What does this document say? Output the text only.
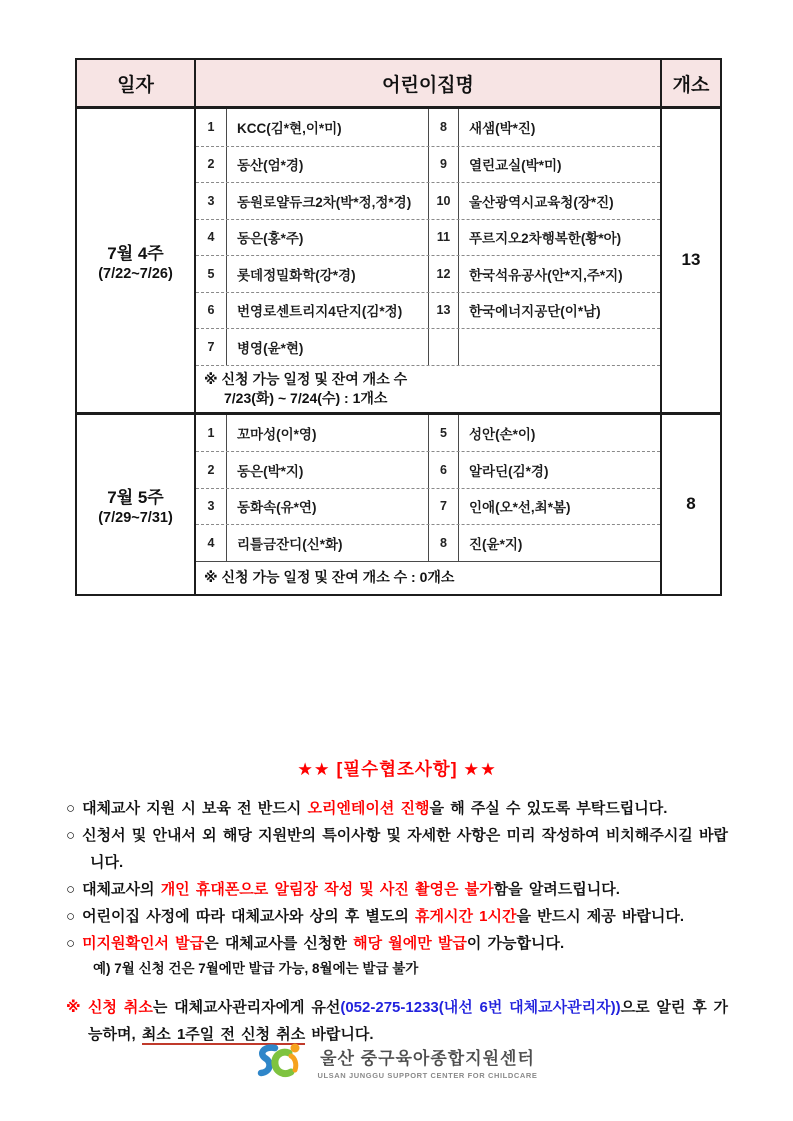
일자	어린이집명	개소
7월 4주
(7/22~7/26)
1	KCC(김*현,이*미)	8	새샘(박*진)
2	동산(엄*경)	9	열린교실(박*미)
3	동원로얄듀크2차(박*정,정*경)	10	울산광역시교육청(장*진)
4	동은(홍*주)	11	푸르지오2차행복한(황*아)
5	롯데정밀화학(강*경)	12	한국석유공사(안*지,주*지)
6	번영로센트리지4단지(김*정)	13	한국에너지공단(이*남)
7	병영(윤*현)
※ 신청 가능 일정 및 잔여 개소 수
7/23(화) ~ 7/24(수) : 1개소
13
7월 5주
(7/29~7/31)
1	꼬마성(이*영)	5	성안(손*이)
2	동은(박*지)	6	알라딘(김*경)
3	동화속(유*연)	7	인애(오*선,최*봄)
4	리틀금잔디(신*화)	8	진(윤*지)
※ 신청 가능 일정 및 잔여 개소 수 : 0개소
8
★★ [필수협조사항] ★★
○ 대체교사 지원 시 보육 전 반드시 오리엔테이션 진행을 해 주실 수 있도록 부탁드립니다.
○ 신청서 및 안내서 외 해당 지원반의 특이사항 및 자세한 사항은 미리 작성하여 비치해주시길 바랍니다.
○ 대체교사의 개인 휴대폰으로 알림장 작성 및 사진 촬영은 불가함을 알려드립니다.
○ 어린이집 사정에 따라 대체교사와 상의 후 별도의 휴게시간 1시간을 반드시 제공 바랍니다.
○ 미지원확인서 발급은 대체교사를 신청한 해당 월에만 발급이 가능합니다.
예) 7월 신청 건은 7월에만 발급 가능, 8월에는 발급 불가
※ 신청 취소는 대체교사관리자에게 유선(052-275-1233(내선 6번 대체교사관리자))으로 알린 후 가능하며, 최소 1주일 전 신청 취소 바랍니다.
울산 중구육아종합지원센터
ULSAN JUNGGU SUPPORT CENTER FOR CHILDCARE
